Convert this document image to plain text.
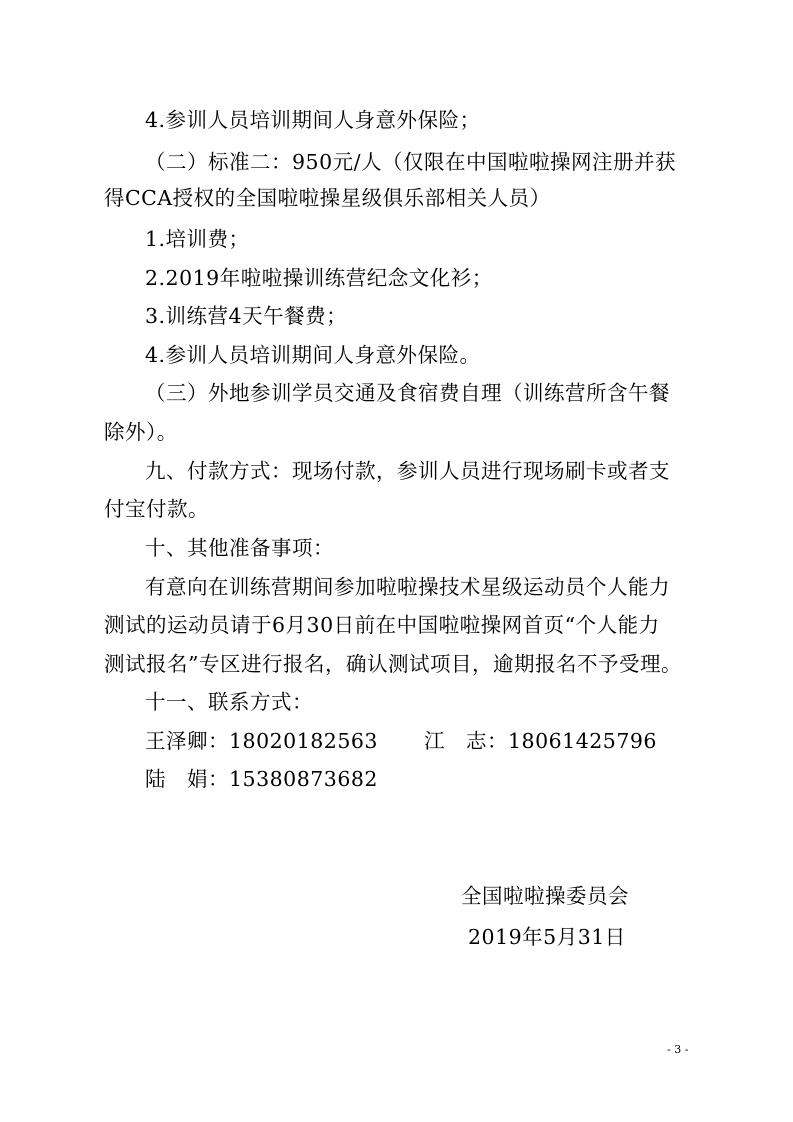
4.参训人员培训期间人身意外保险；
（二）标准二：950元/人（仅限在中国啦啦操网注册并获
得CCA授权的全国啦啦操星级俱乐部相关人员）
1.培训费；
2.2019年啦啦操训练营纪念文化衫；
3.训练营4天午餐费；
4.参训人员培训期间人身意外保险。
（三）外地参训学员交通及食宿费自理（训练营所含午餐
除外）。
九、付款方式：现场付款，参训人员进行现场刷卡或者支
付宝付款。
十、其他准备事项：
有意向在训练营期间参加啦啦操技术星级运动员个人能力
测试的运动员请于6月30日前在中国啦啦操网首页“个人能力
测试报名”专区进行报名，确认测试项目，逾期报名不予受理。
十一、联系方式：
王泽卿：18020182563 江　志：18061425796
陆　娟：15380873682
全国啦啦操委员会
2019年5月31日
- 3 -
